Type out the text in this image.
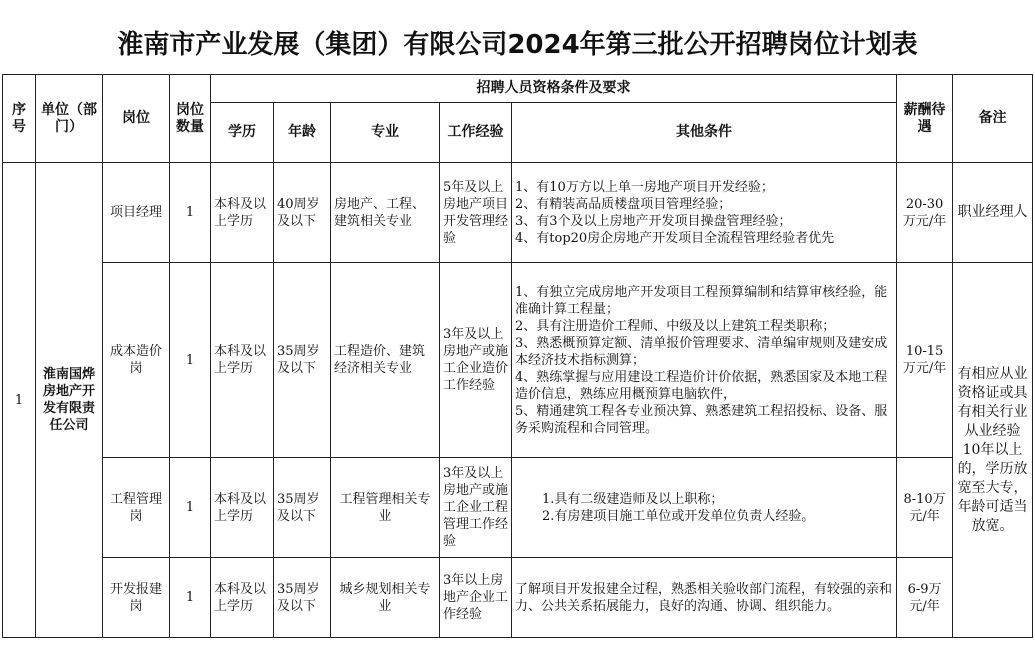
淮南市产业发展（集团）有限公司2024年第三批公开招聘岗位计划表
序号	单位（部门）	岗位	岗位数量	招聘人员资格条件及要求					薪酬待遇	备注
				学历	年龄	专业	工作经验	其他条件		
1	淮南国烨房地产开发有限责任公司	项目经理	1	本科及以上学历	40周岁及以下	房地产、工程、建筑相关专业	5年及以上房地产项目开发管理经验	1、有10万方以上单一房地产项目开发经验；
2、有精装高品质楼盘项目管理经验；
3、有3个及以上房地产开发项目操盘管理经验；
4、有top20房企房地产开发项目全流程管理经验者优先	20-30万元/年	职业经理人
		成本造价岗	1	本科及以上学历	35周岁及以下	工程造价、建筑经济相关专业	3年及以上房地产或施工企业造价工作经验	1、有独立完成房地产开发项目工程预算编制和结算审核经验，能准确计算工程量；
2、具有注册造价工程师、中级及以上建筑工程类职称；
3、熟悉概预算定额、清单报价管理要求、清单编审规则及建安成本经济技术指标测算；
4、熟练掌握与应用建设工程造价计价依据，熟悉国家及本地工程造价信息，熟练应用概预算电脑软件，
5、精通建筑工程各专业预决算、熟悉建筑工程招投标、设备、服务采购流程和合同管理。	10-15万元/年	有相应从业资格证或具有相关行业从业经验10年以上的，学历放宽至大专，年龄可适当放宽。
		工程管理岗	1	本科及以上学历	35周岁及以下	工程管理相关专业	3年及以上房地产或施工企业工程管理工作经验	1.具有二级建造师及以上职称；
2.有房建项目施工单位或开发单位负责人经验。	8-10万元/年	
		开发报建岗	1	本科及以上学历	35周岁及以下	城乡规划相关专业	3年以上房地产企业工作经验	了解项目开发报建全过程，熟悉相关验收部门流程，有较强的亲和力、公共关系拓展能力，良好的沟通、协调、组织能力。	6-9万元/年	
